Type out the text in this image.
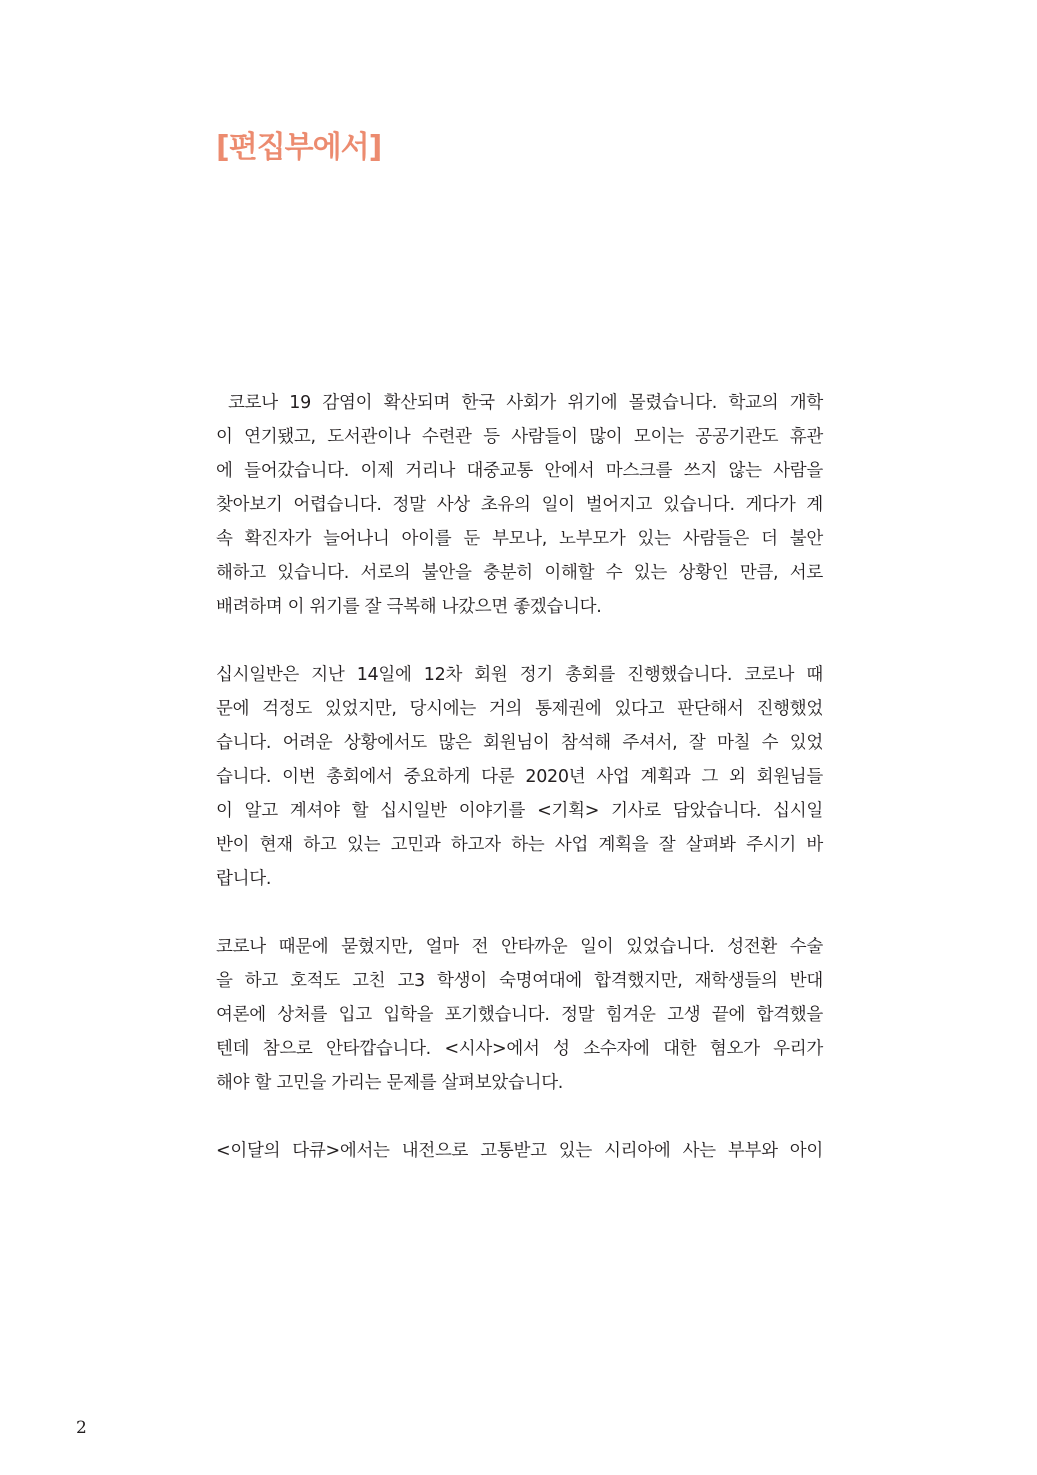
[편집부에서]

코로나 19 감염이 확산되며 한국 사회가 위기에 몰렸습니다. 학교의 개학
이 연기됐고, 도서관이나 수련관 등 사람들이 많이 모이는 공공기관도 휴관
에 들어갔습니다. 이제 거리나 대중교통 안에서 마스크를 쓰지 않는 사람을
찾아보기 어렵습니다. 정말 사상 초유의 일이 벌어지고 있습니다. 게다가 계
속 확진자가 늘어나니 아이를 둔 부모나, 노부모가 있는 사람들은 더 불안
해하고 있습니다. 서로의 불안을 충분히 이해할 수 있는 상황인 만큼, 서로
배려하며 이 위기를 잘 극복해 나갔으면 좋겠습니다.

십시일반은 지난 14일에 12차 회원 정기 총회를 진행했습니다. 코로나 때
문에 걱정도 있었지만, 당시에는 거의 통제권에 있다고 판단해서 진행했었
습니다. 어려운 상황에서도 많은 회원님이 참석해 주셔서, 잘 마칠 수 있었
습니다. 이번 총회에서 중요하게 다룬 2020년 사업 계획과 그 외 회원님들
이 알고 계셔야 할 십시일반 이야기를 <기획> 기사로 담았습니다. 십시일
반이 현재 하고 있는 고민과 하고자 하는 사업 계획을 잘 살펴봐 주시기 바
랍니다.

코로나 때문에 묻혔지만, 얼마 전 안타까운 일이 있었습니다. 성전환 수술
을 하고 호적도 고친 고3 학생이 숙명여대에 합격했지만, 재학생들의 반대
여론에 상처를 입고 입학을 포기했습니다. 정말 힘겨운 고생 끝에 합격했을
텐데 참으로 안타깝습니다. <시사>에서 성 소수자에 대한 혐오가 우리가
해야 할 고민을 가리는 문제를 살펴보았습니다.

<이달의 다큐>에서는 내전으로 고통받고 있는 시리아에 사는 부부와 아이

2
